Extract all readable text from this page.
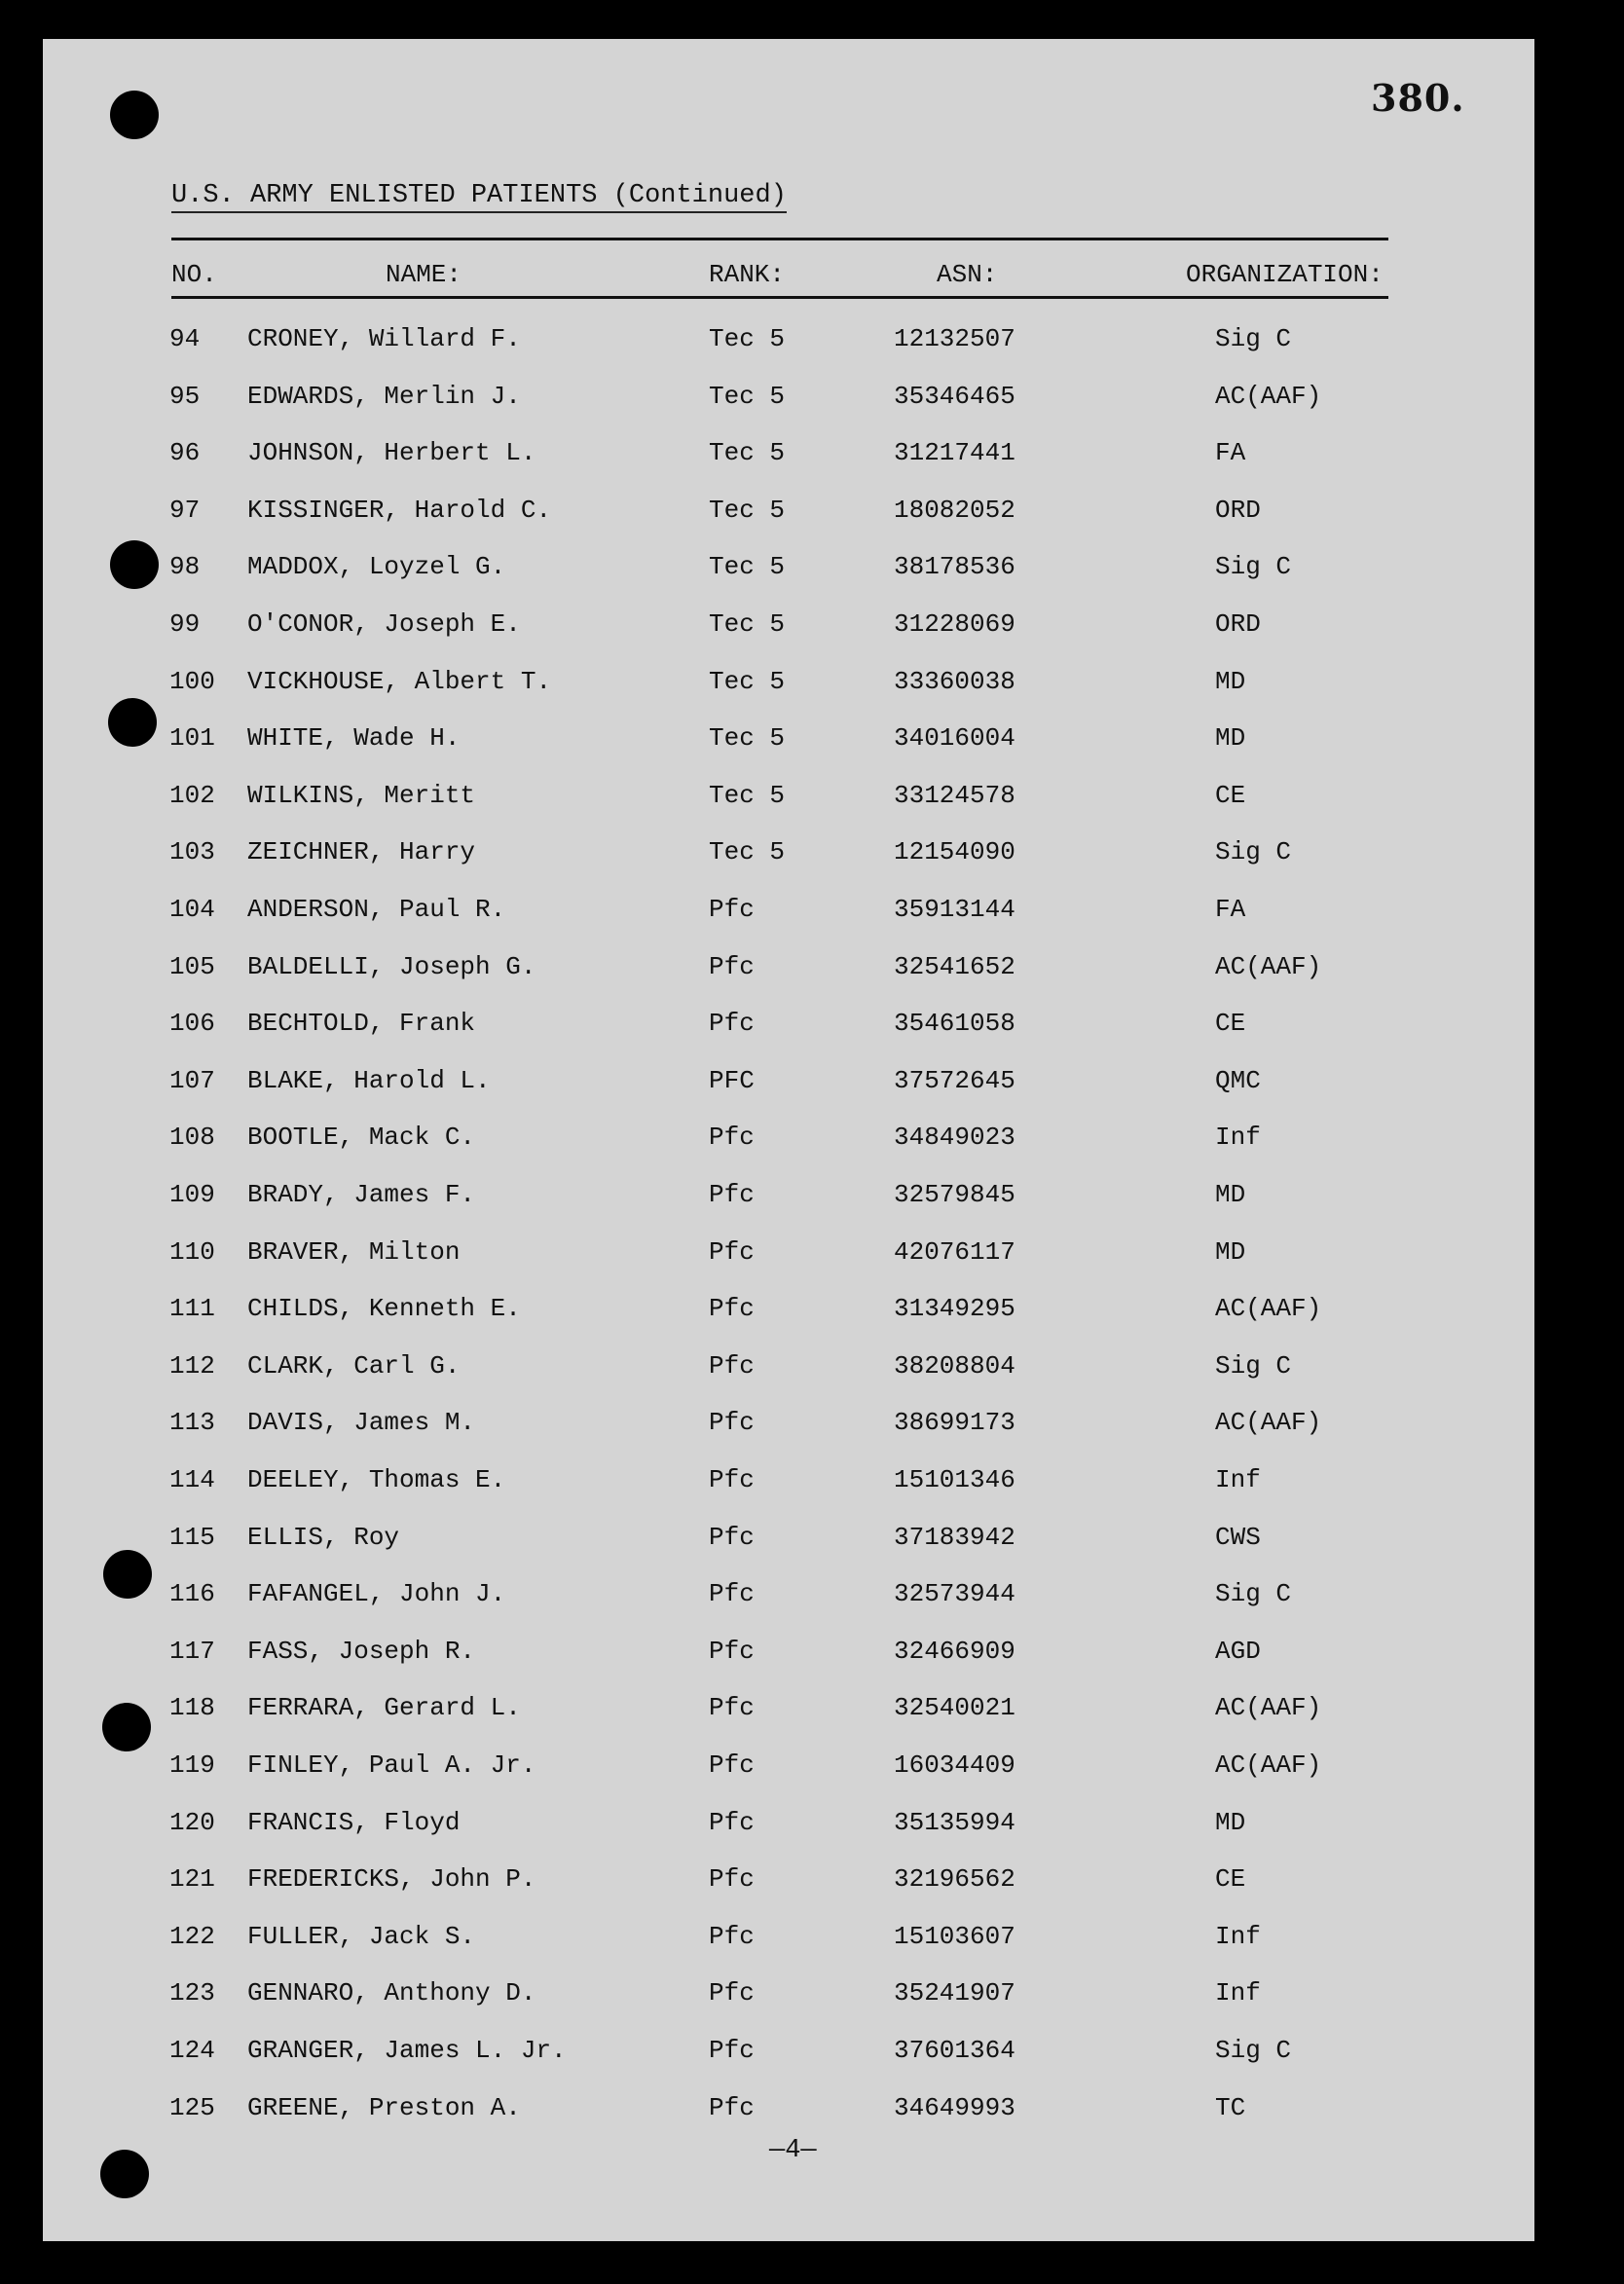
380.
U.S. ARMY ENLISTED PATIENTS (Continued)
NO.	NAME:	RANK:	ASN:	ORGANIZATION:
94 CRONEY, Willard F.	Tec 5	12132507	Sig C
95 EDWARDS, Merlin J.	Tec 5	35346465	AC(AAF)
96 JOHNSON, Herbert L.	Tec 5	31217441	FA
97 KISSINGER, Harold C.	Tec 5	18082052	ORD
98 MADDOX, Loyzel G.	Tec 5	38178536	Sig C
99 O'CONOR, Joseph E.	Tec 5	31228069	ORD
100 VICKHOUSE, Albert T.	Tec 5	33360038	MD
101 WHITE, Wade H.	Tec 5	34016004	MD
102 WILKINS, Meritt	Tec 5	33124578	CE
103 ZEICHNER, Harry	Tec 5	12154090	Sig C
104 ANDERSON, Paul R.	Pfc	35913144	FA
105 BALDELLI, Joseph G.	Pfc	32541652	AC(AAF)
106 BECHTOLD, Frank	Pfc	35461058	CE
107 BLAKE, Harold L.	PFC	37572645	QMC
108 BOOTLE, Mack C.	Pfc	34849023	Inf
109 BRADY, James F.	Pfc	32579845	MD
110 BRAVER, Milton	Pfc	42076117	MD
111 CHILDS, Kenneth E.	Pfc	31349295	AC(AAF)
112 CLARK, Carl G.	Pfc	38208804	Sig C
113 DAVIS, James M.	Pfc	38699173	AC(AAF)
114 DEELEY, Thomas E.	Pfc	15101346	Inf
115 ELLIS, Roy	Pfc	37183942	CWS
116 FAFANGEL, John J.	Pfc	32573944	Sig C
117 FASS, Joseph R.	Pfc	32466909	AGD
118 FERRARA, Gerard L.	Pfc	32540021	AC(AAF)
119 FINLEY, Paul A. Jr.	Pfc	16034409	AC(AAF)
120 FRANCIS, Floyd	Pfc	35135994	MD
121 FREDERICKS, John P.	Pfc	32196562	CE
122 FULLER, Jack S.	Pfc	15103607	Inf
123 GENNARO, Anthony D.	Pfc	35241907	Inf
124 GRANGER, James L. Jr.	Pfc	37601364	Sig C
125 GREENE, Preston A.	Pfc	34649993	TC
—4—
